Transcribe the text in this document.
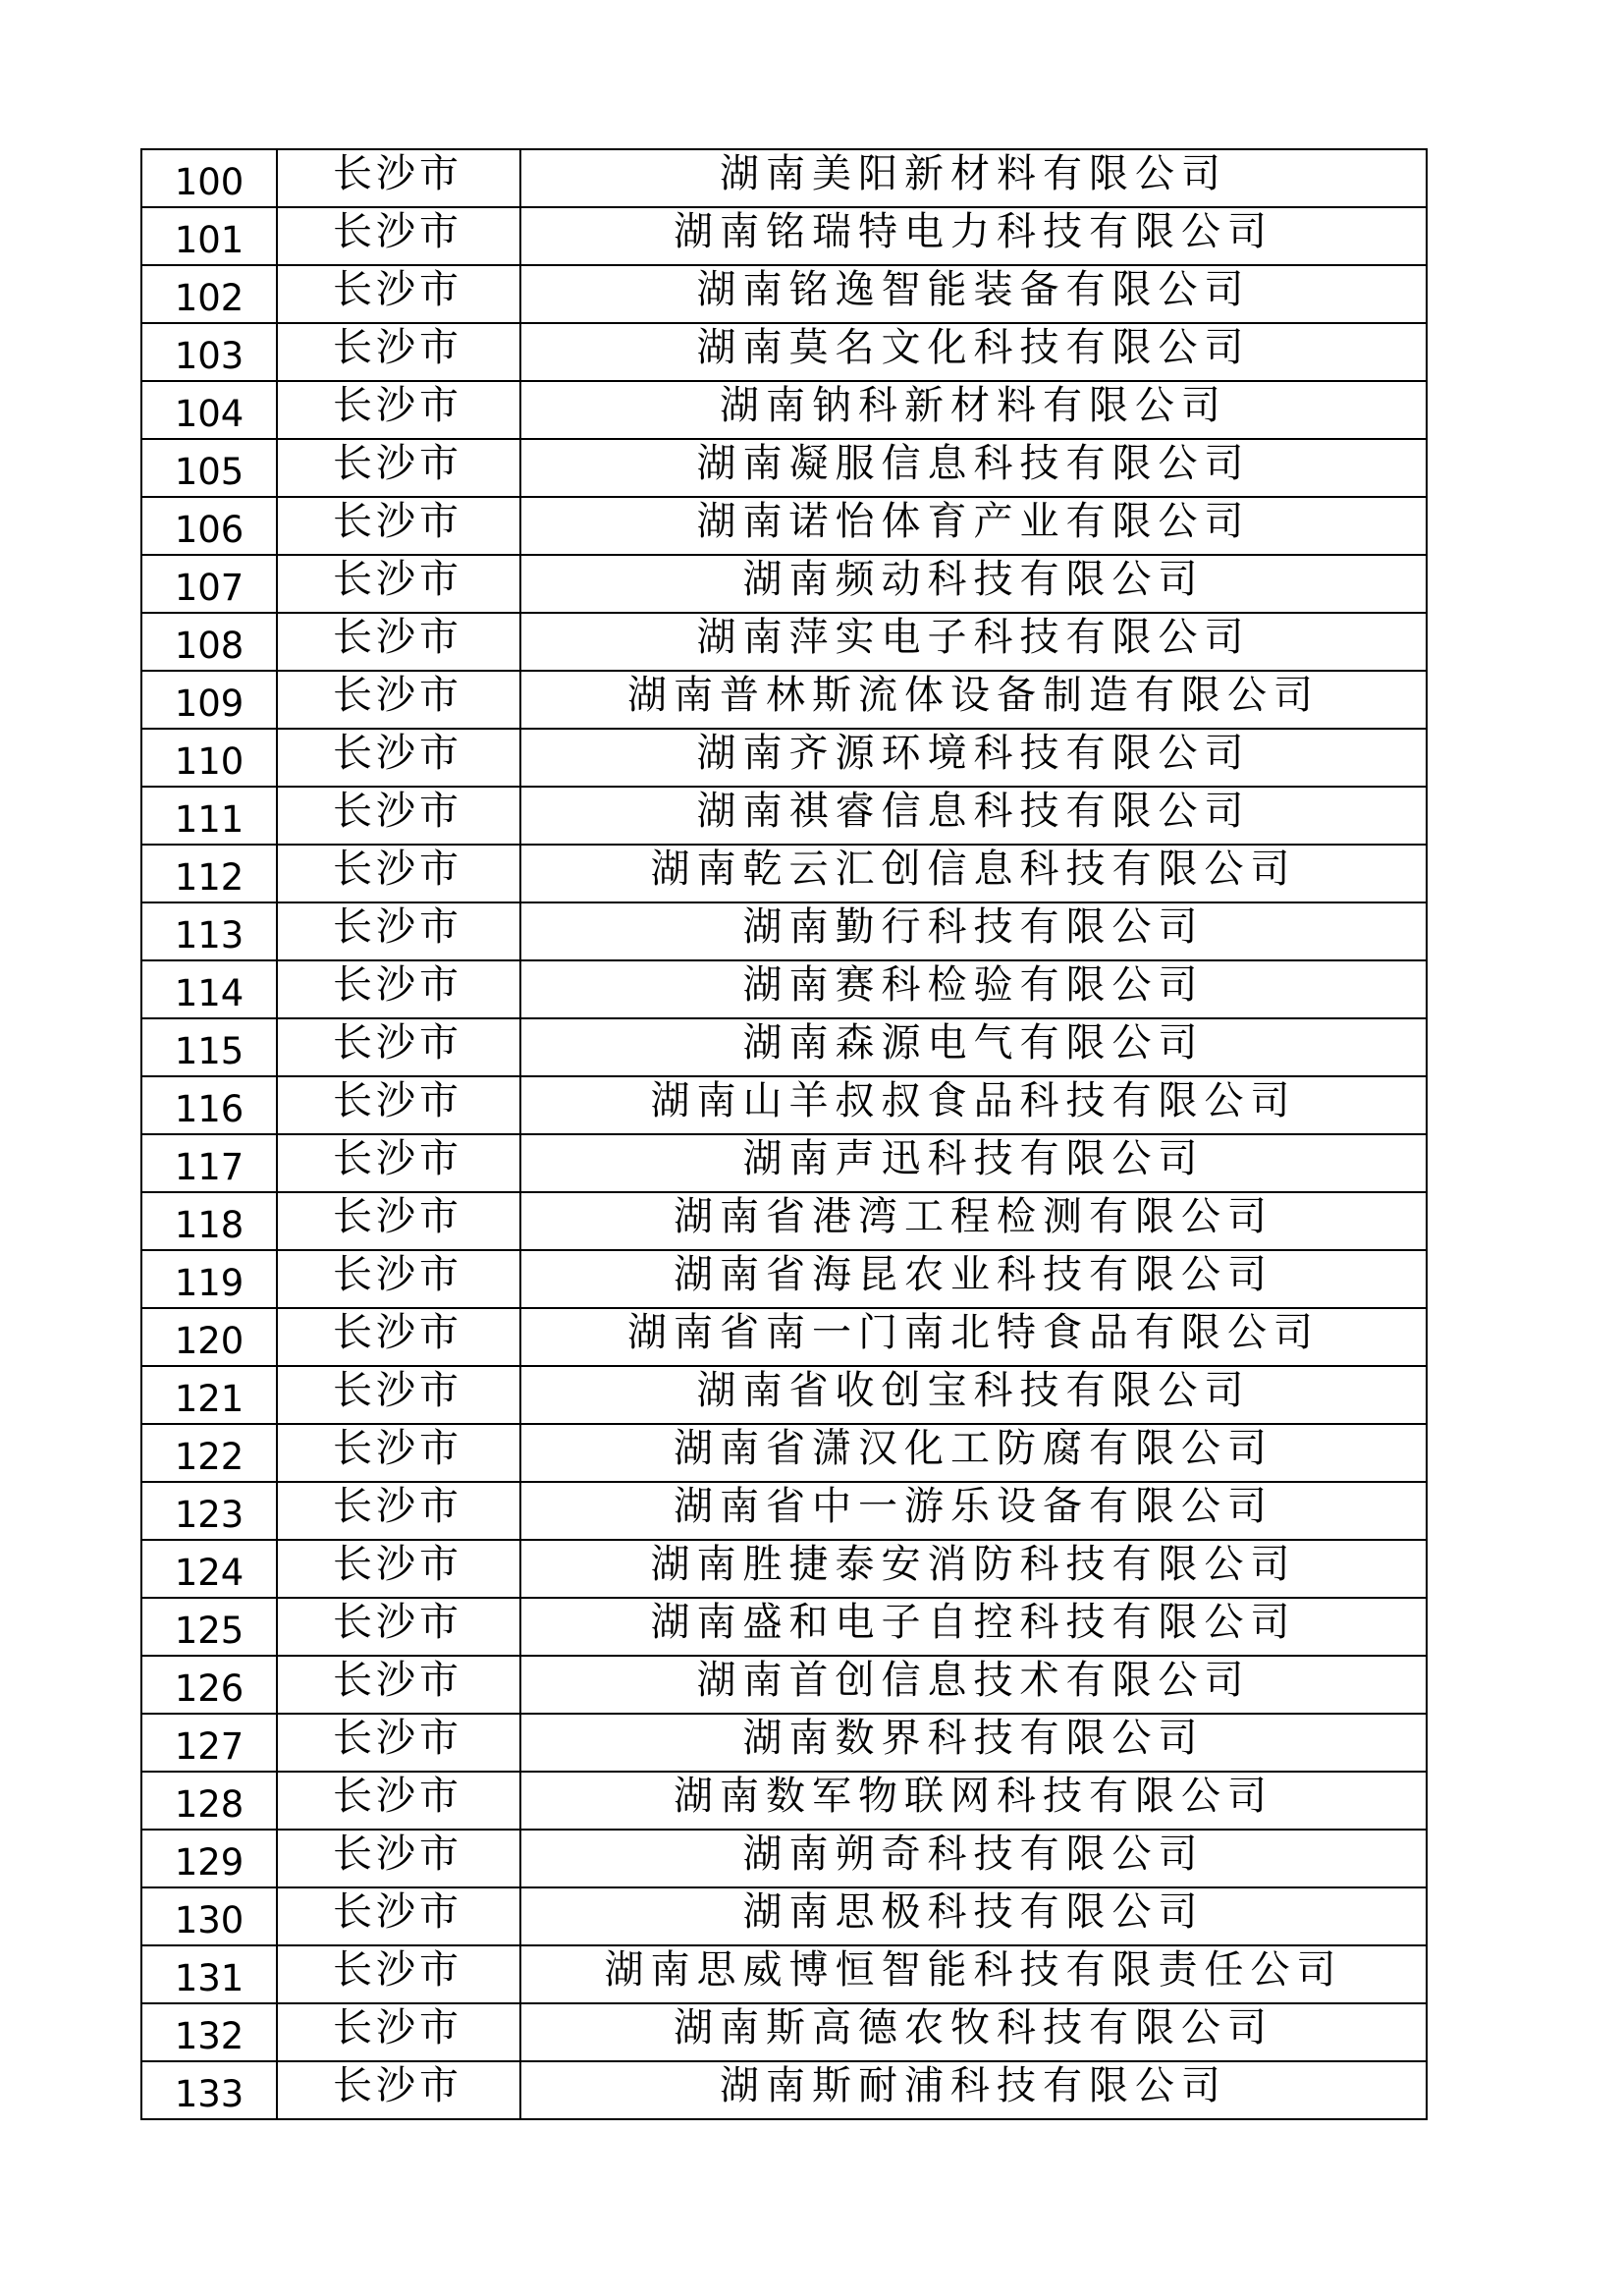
100	长沙市	湖南美阳新材料有限公司
101	长沙市	湖南铭瑞特电力科技有限公司
102	长沙市	湖南铭逸智能装备有限公司
103	长沙市	湖南莫名文化科技有限公司
104	长沙市	湖南钠科新材料有限公司
105	长沙市	湖南凝服信息科技有限公司
106	长沙市	湖南诺怡体育产业有限公司
107	长沙市	湖南频动科技有限公司
108	长沙市	湖南萍实电子科技有限公司
109	长沙市	湖南普林斯流体设备制造有限公司
110	长沙市	湖南齐源环境科技有限公司
111	长沙市	湖南祺睿信息科技有限公司
112	长沙市	湖南乾云汇创信息科技有限公司
113	长沙市	湖南勤行科技有限公司
114	长沙市	湖南赛科检验有限公司
115	长沙市	湖南森源电气有限公司
116	长沙市	湖南山羊叔叔食品科技有限公司
117	长沙市	湖南声迅科技有限公司
118	长沙市	湖南省港湾工程检测有限公司
119	长沙市	湖南省海昆农业科技有限公司
120	长沙市	湖南省南一门南北特食品有限公司
121	长沙市	湖南省收创宝科技有限公司
122	长沙市	湖南省潇汉化工防腐有限公司
123	长沙市	湖南省中一游乐设备有限公司
124	长沙市	湖南胜捷泰安消防科技有限公司
125	长沙市	湖南盛和电子自控科技有限公司
126	长沙市	湖南首创信息技术有限公司
127	长沙市	湖南数界科技有限公司
128	长沙市	湖南数军物联网科技有限公司
129	长沙市	湖南朔奇科技有限公司
130	长沙市	湖南思极科技有限公司
131	长沙市	湖南思威博恒智能科技有限责任公司
132	长沙市	湖南斯高德农牧科技有限公司
133	长沙市	湖南斯耐浦科技有限公司
